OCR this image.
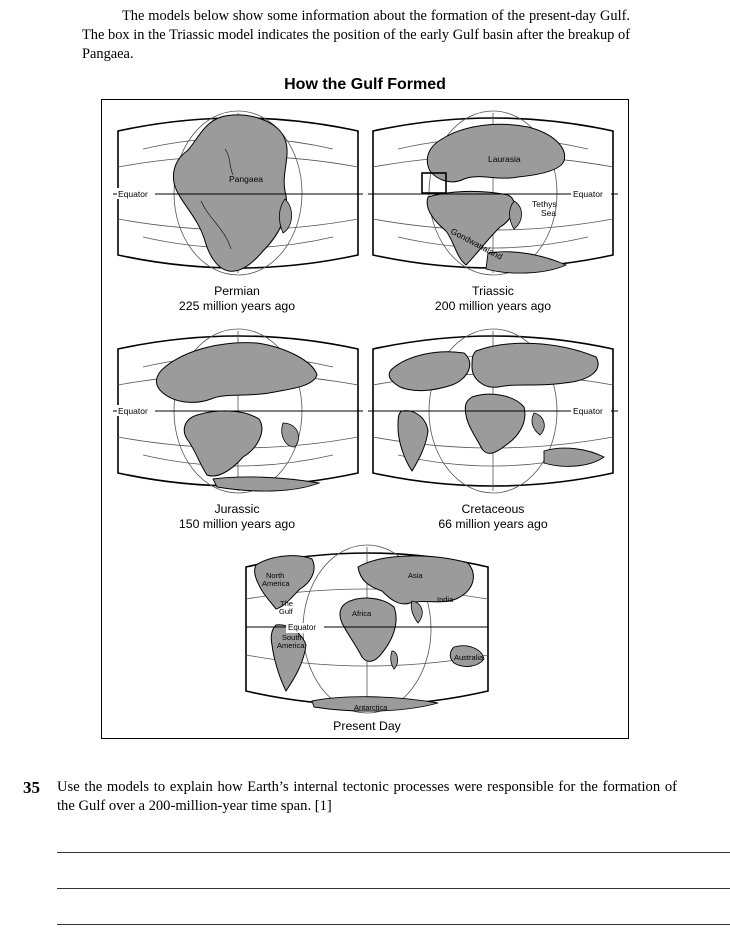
The models below show some information about the formation of the present-day Gulf. The box in the Triassic model indicates the position of the early Gulf basin after the breakup of Pangaea.

How the Gulf Formed
Equator
Pangaea
Permian
225 million years ago
Equator
Laurasia
Tethys
Sea
Gondwanaland
Triassic
200 million years ago
Equator
Jurassic
150 million years ago
Equator
Cretaceous
66 million years ago
Equator
North
America
The
Gulf
South
America
Africa
Asia
India
Australia
Antarctica
Present Day
35 Use the models to explain how Earth’s internal tectonic processes were responsible for the formation of the Gulf over a 200-million-year time span. [1]
